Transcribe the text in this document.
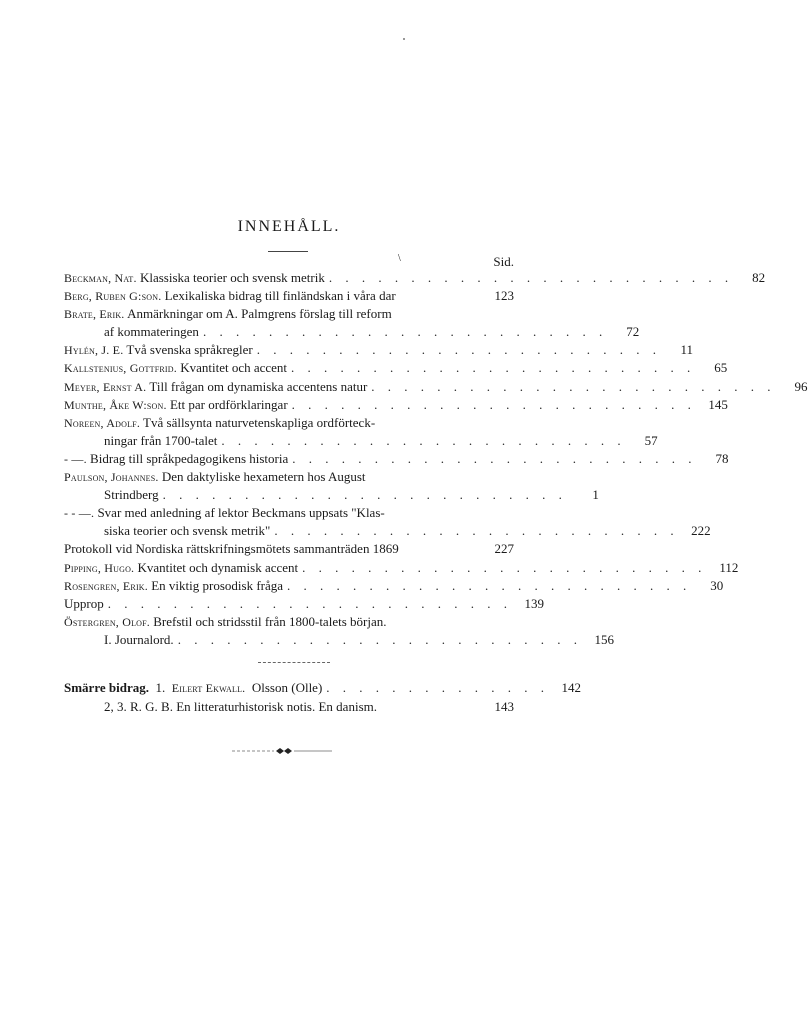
INNEHÅLL.
\	Sid.
Beckman, Nat. Klassiska teorier och svensk metrik . . . . . . . . . . . . . . . . . . . . . . . . .	82
Berg, Ruben G:son. Lexikaliska bidrag till finländskan i våra dar	123
Brate, Erik. Anmärkningar om A. Palmgrens förslag till reform
af kommateringen . . . . . . . . . . . . . . . . . . . . . . . . .	72
Hylén, J. E. Två svenska språkregler . . . . . . . . . . . . . . . . . . . . . . . . .	11
Kallstenius, Gottfrid. Kvantitet och accent . . . . . . . . . . . . . . . . . . . . . . . . .	65
Meyer, Ernst A. Till frågan om dynamiska accentens natur . . . . . . . . . . . . . . . . . . . . . . . . .	96
Munthe, Åke W:son. Ett par ordförklaringar . . . . . . . . . . . . . . . . . . . . . . . . . 145
Noreen, Adolf. Två sällsynta naturvetenskapliga ordförteck-
ningar från 1700-talet . . . . . . . . . . . . . . . . . . . . . . . . .	57
- —. Bidrag till språkpedagogikens historia . . . . . . . . . . . . . . . . . . . . . . . . .	78
Paulson, Johannes. Den daktyliske hexametern hos August
Strindberg . . . . . . . . . . . . . . . . . . . . . . . . .	1
- - —. Svar med anledning af lektor Beckmans uppsats "Klas-
siska teorier och svensk metrik" . . . . . . . . . . . . . . . . . . . . . . . . . 222
Protokoll vid Nordiska rättskrifningsmötets sammanträden 1869	227
Pipping, Hugo. Kvantitet och dynamisk accent . . . . . . . . . . . . . . . . . . . . . . . . . 112
Rosengren, Erik. En viktig prosodisk fråga . . . . . . . . . . . . . . . . . . . . . . . . .	30
Upprop . . . . . . . . . . . . . . . . . . . . . . . . . 139
Östergren, Olof. Brefstil och stridsstil från 1800-talets början.
I. Journalord. . . . . . . . . . . . . . . . . . . . . . . . . . 156
Smärre bidrag. 1. Eilert Ekwall. Olsson (Olle) . . . . . . . . . . . . . . 142
2, 3. R. G. B. En litteraturhistorisk notis. En danism.	143
